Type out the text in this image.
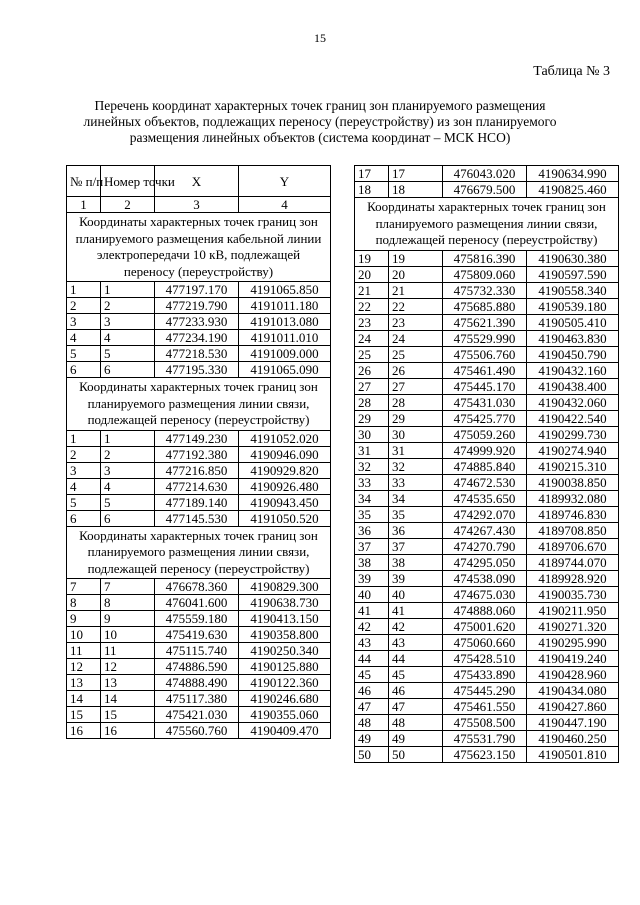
15
Таблица № 3
Перечень координат характерных точек границ зон планируемого размещения линейных объектов, подлежащих переносу (переустройству) из зон планируемого размещения линейных объектов (система координат – МСК НСО)
№ п/п	Номер точки	X	Y
1	2	3	4
Координаты характерных точек границ зон планируемого размещения кабельной линии электропередачи 10 кВ, подлежащей переносу (переустройству)			
1	1	477197.170	4191065.850
2	2	477219.790	4191011.180
3	3	477233.930	4191013.080
4	4	477234.190	4191011.010
5	5	477218.530	4191009.000
6	6	477195.330	4191065.090
Координаты характерных точек границ зон планируемого размещения линии связи, подлежащей переносу (переустройству)			
1	1	477149.230	4191052.020
2	2	477192.380	4190946.090
3	3	477216.850	4190929.820
4	4	477214.630	4190926.480
5	5	477189.140	4190943.450
6	6	477145.530	4191050.520
Координаты характерных точек границ зон планируемого размещения линии связи, подлежащей переносу (переустройству)			
7	7	476678.360	4190829.300
8	8	476041.600	4190638.730
9	9	475559.180	4190413.150
10	10	475419.630	4190358.800
11	11	475115.740	4190250.340
12	12	474886.590	4190125.880
13	13	474888.490	4190122.360
14	14	475117.380	4190246.680
15	15	475421.030	4190355.060
16	16	475560.760	4190409.470
17	17	476043.020	4190634.990
18	18	476679.500	4190825.460
Координаты характерных точек границ зон планируемого размещения линии связи, подлежащей переносу (переустройству)			
19	19	475816.390	4190630.380
20	20	475809.060	4190597.590
21	21	475732.330	4190558.340
22	22	475685.880	4190539.180
23	23	475621.390	4190505.410
24	24	475529.990	4190463.830
25	25	475506.760	4190450.790
26	26	475461.490	4190432.160
27	27	475445.170	4190438.400
28	28	475431.030	4190432.060
29	29	475425.770	4190422.540
30	30	475059.260	4190299.730
31	31	474999.920	4190274.940
32	32	474885.840	4190215.310
33	33	474672.530	4190038.850
34	34	474535.650	4189932.080
35	35	474292.070	4189746.830
36	36	474267.430	4189708.850
37	37	474270.790	4189706.670
38	38	474295.050	4189744.070
39	39	474538.090	4189928.920
40	40	474675.030	4190035.730
41	41	474888.060	4190211.950
42	42	475001.620	4190271.320
43	43	475060.660	4190295.990
44	44	475428.510	4190419.240
45	45	475433.890	4190428.960
46	46	475445.290	4190434.080
47	47	475461.550	4190427.860
48	48	475508.500	4190447.190
49	49	475531.790	4190460.250
50	50	475623.150	4190501.810
